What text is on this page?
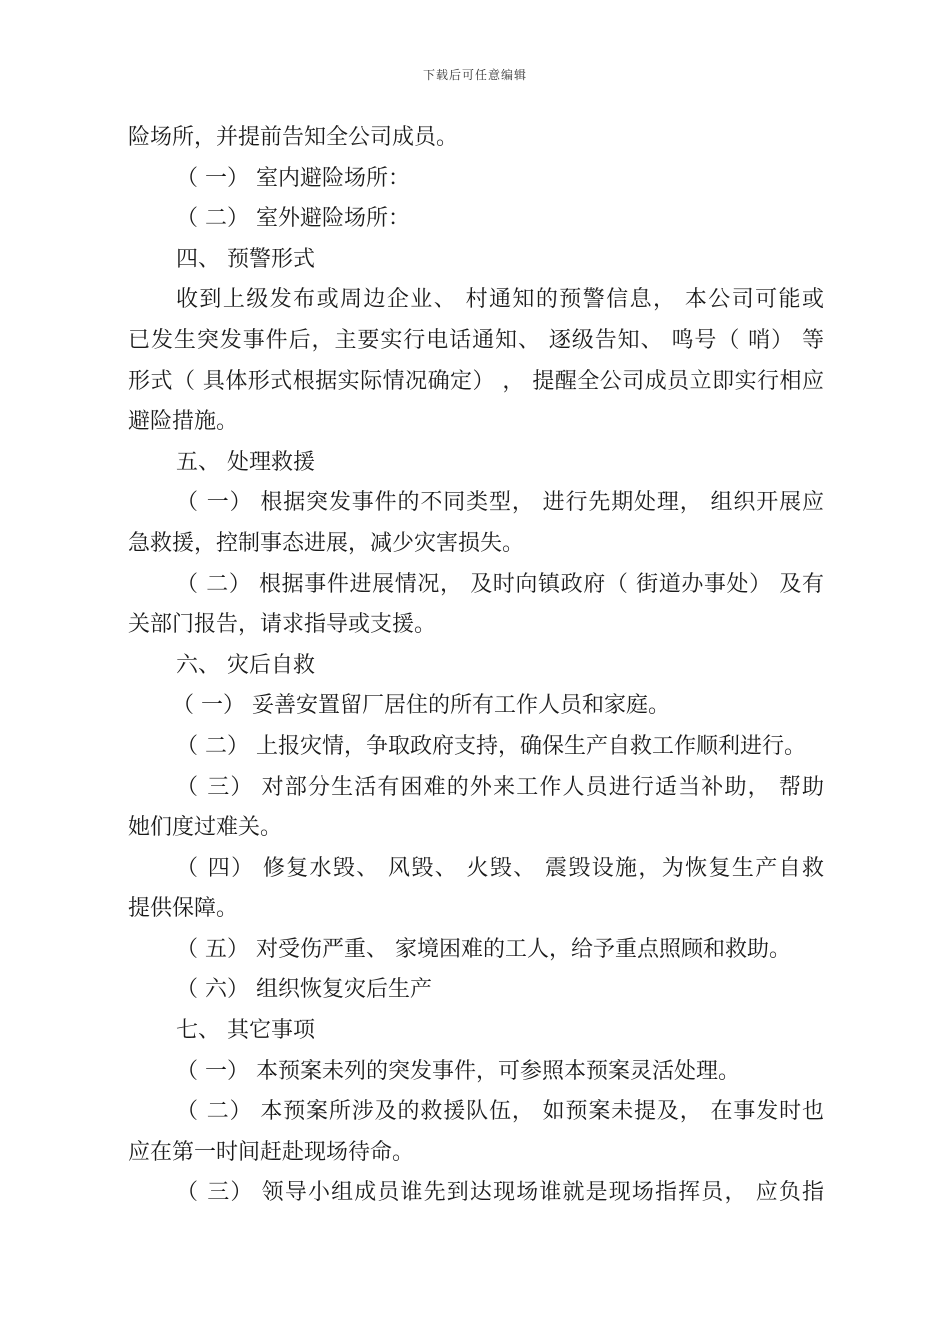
下载后可任意编辑
险场所，并提前告知全公司成员。
（ 一） 室内避险场所：
（ 二） 室外避险场所：
四、 预警形式
收到上级发布或周边企业、 村通知的预警信息， 本公司可能或
已发生突发事件后，主要实行电话通知、 逐级告知、 鸣号（ 哨） 等
形式（ 具体形式根据实际情况确定） ， 提醒全公司成员立即实行相应
避险措施。
五、 处理救援
（ 一） 根据突发事件的不同类型， 进行先期处理， 组织开展应
急救援，控制事态进展，减少灾害损失。
（ 二） 根据事件进展情况， 及时向镇政府（ 街道办事处） 及有
关部门报告，请求指导或支援。
六、 灾后自救
（ 一） 妥善安置留厂居住的所有工作人员和家庭。
（ 二） 上报灾情，争取政府支持，确保生产自救工作顺利进行。
（ 三） 对部分生活有困难的外来工作人员进行适当补助， 帮助
她们度过难关。
（ 四） 修复水毁、 风毁、 火毁、 震毁设施，为恢复生产自救
提供保障。
（ 五） 对受伤严重、 家境困难的工人，给予重点照顾和救助。
（ 六） 组织恢复灾后生产
七、 其它事项
（ 一） 本预案未列的突发事件，可参照本预案灵活处理。
（ 二） 本预案所涉及的救援队伍， 如预案未提及， 在事发时也
应在第一时间赶赴现场待命。
（ 三） 领导小组成员谁先到达现场谁就是现场指挥员， 应负指
